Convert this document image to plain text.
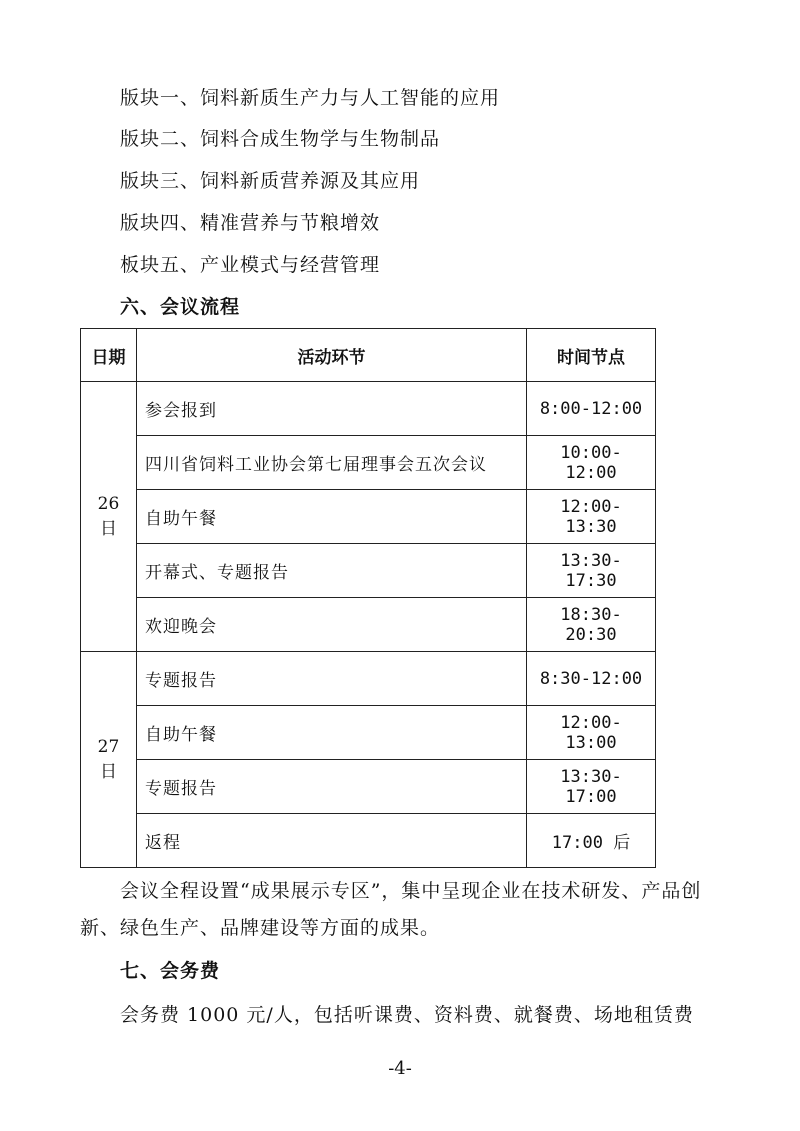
版块一、饲料新质生产力与人工智能的应用

版块二、饲料合成生物学与生物制品

版块三、饲料新质营养源及其应用

版块四、精准营养与节粮增效

板块五、产业模式与经营管理

六、会议流程
日期	活动环节	时间节点
26 日	参会报到	8:00-12:00
	四川省饲料工业协会第七届理事会五次会议	10:00-12:00
	自助午餐	12:00-13:30
	开幕式、专题报告	13:30-17:30
	欢迎晚会	18:30-20:30
27 日	专题报告	8:30-12:00
	自助午餐	12:00-13:00
	专题报告	13:30-17:00
	返程	17:00 后

会议全程设置“成果展示专区”，集中呈现企业在技术研发、产品创新、绿色生产、品牌建设等方面的成果。

七、会务费

会务费 1000 元/人，包括听课费、资料费、就餐费、场地租赁费

-4-
